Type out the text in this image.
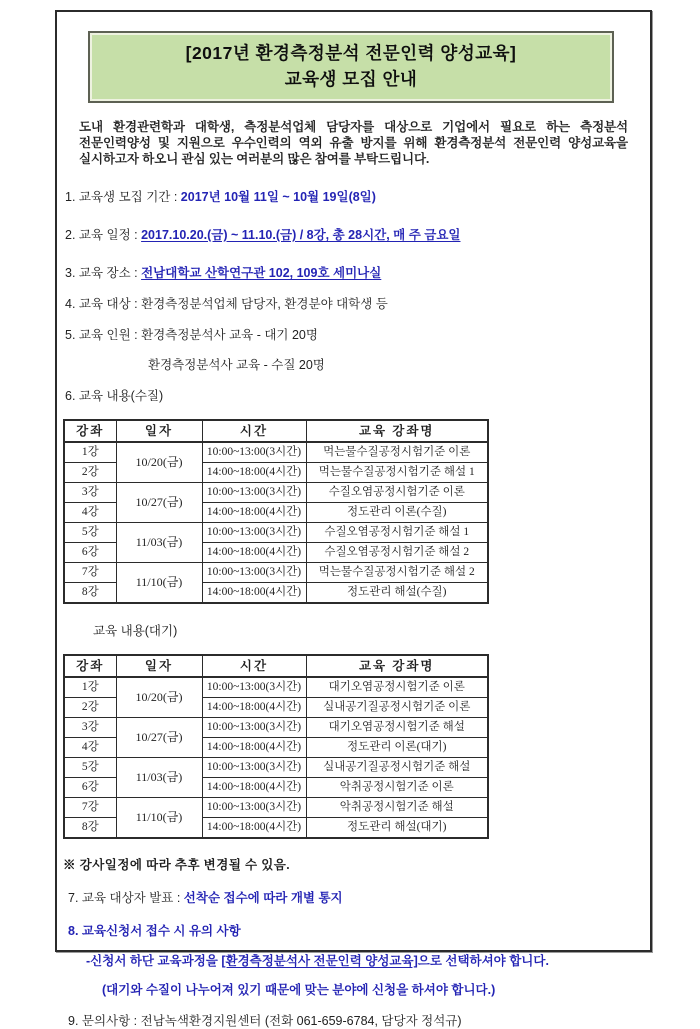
[2017년 환경측정분석 전문인력 양성교육]
교육생 모집 안내

도내 환경관련학과 대학생, 측정분석업체 담당자를 대상으로 기업에서 필요로 하는 측정분석 전문인력양성 및 지원으로 우수인력의 역외 유출 방지를 위해 환경측정분석 전문인력 양성교육을 실시하고자 하오니 관심 있는 여러분의 많은 참여를 부탁드립니다.

1. 교육생 모집 기간 : 2017년 10월 11일 ~ 10월 19일(8일)
2. 교육 일정 : 2017.10.20.(금) ~ 11.10.(금) / 8강, 총 28시간, 매 주 금요일
3. 교육 장소 : 전남대학교 산학연구관 102, 109호 세미나실
4. 교육 대상 : 환경측정분석업체 담당자, 환경분야 대학생 등
5. 교육 인원 : 환경측정분석사 교육 - 대기 20명
환경측정분석사 교육 - 수질 20명
6. 교육 내용(수질)
강좌	일자	시간	교육 강좌명
1강	10/20(금)	10:00~13:00(3시간)	먹는물수질공정시험기준 이론
2강		14:00~18:00(4시간)	먹는물수질공정시험기준 해설 1
3강	10/27(금)	10:00~13:00(3시간)	수질오염공정시험기준 이론
4강		14:00~18:00(4시간)	정도관리 이론(수질)
5강	11/03(금)	10:00~13:00(3시간)	수질오염공정시험기준 해설 1
6강		14:00~18:00(4시간)	수질오염공정시험기준 해설 2
7강	11/10(금)	10:00~13:00(3시간)	먹는물수질공정시험기준 해설 2
8강		14:00~18:00(4시간)	정도관리 해설(수질)
교육 내용(대기)
강좌	일자	시간	교육 강좌명
1강	10/20(금)	10:00~13:00(3시간)	대기오염공정시험기준 이론
2강		14:00~18:00(4시간)	실내공기질공정시험기준 이론
3강	10/27(금)	10:00~13:00(3시간)	대기오염공정시험기준 해설
4강		14:00~18:00(4시간)	정도관리 이론(대기)
5강	11/03(금)	10:00~13:00(3시간)	실내공기질공정시험기준 해설
6강		14:00~18:00(4시간)	악취공정시험기준 이론
7강	11/10(금)	10:00~13:00(3시간)	악취공정시험기준 해설
8강		14:00~18:00(4시간)	정도관리 해설(대기)
※ 강사일정에 따라 추후 변경될 수 있음.
7. 교육 대상자 발표 : 선착순 접수에 따라 개별 통지
8. 교육신청서 접수 시 유의 사항
-신청서 하단 교육과정을 [환경측정분석사 전문인력 양성교육]으로 선택하셔야 합니다.
(대기와 수질이 나누어져 있기 때문에 맞는 분야에 신청을 하셔야 합니다.)
9. 문의사항 : 전남녹색환경지원센터 (전화 061-659-6784, 담당자 정석규)
